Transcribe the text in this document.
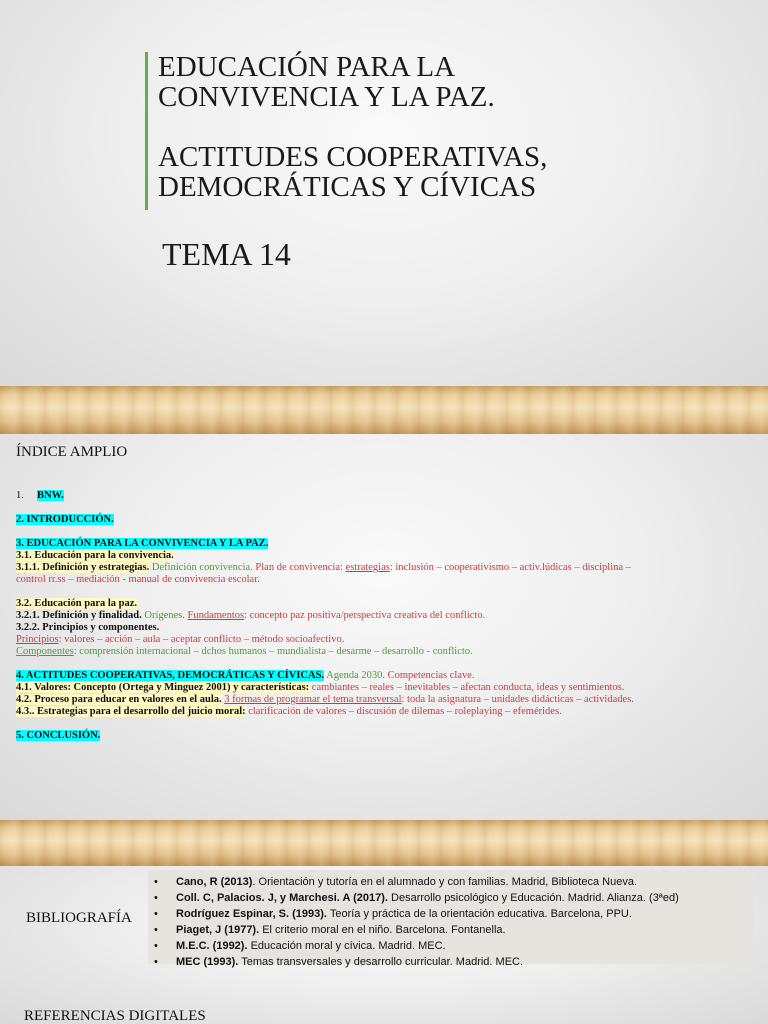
EDUCACIÓN PARA LA

CONVIVENCIA Y LA PAZ.

ACTITUDES COOPERATIVAS,

DEMOCRÁTICAS Y CÍVICAS

TEMA 14
ÍNDICE AMPLIO
1. BNW.
2. INTRODUCCIÓN.
3. EDUCACIÓN PARA LA CONVIVENCIA Y LA PAZ.
3.1. Educación para la convivencia.
3.1.1. Definición y estrategias. Definición convivencia. Plan de convivencia: estrategias: inclusión – cooperativismo – activ.lúdicas – disciplina –
control rr.ss – mediación - manual de convivencia escolar.
3.2. Educación para la paz.
3.2.1. Definición y finalidad. Orígenes. Fundamentos: concepto paz positiva/perspectiva creativa del conflicto.
3.2.2. Principios y componentes.
Principios: valores – acción – aula – aceptar conflicto – método socioafectivo.
Componentes: comprensión internacional – dchos humanos – mundialista – desarme – desarrollo - conflicto.
4. ACTITUDES COOPERATIVAS, DEMOCRÁTICAS Y CÍVICAS. Agenda 2030. Competencias clave.
4.1. Valores: Concepto (Ortega y Minguez 2001) y características: cambiantes – reales – inevitables – afectan conducta, ideas y sentimientos.
4.2. Proceso para educar en valores en el aula. 3 formas de programar el tema transversal: toda la asignatura – unidades didácticas – actividades.
4.3.. Estrategias para el desarrollo del juicio moral: clarificación de valores – discusión de dilemas – roleplaying – efemérides.
5. CONCLUSIÓN.
BIBLIOGRAFÍA
• Cano, R (2013). Orientación y tutoría en el alumnado y con familias. Madrid, Biblioteca Nueva.
• Coll. C, Palacios. J, y Marchesi. A (2017). Desarrollo psicológico y Educación. Madrid. Alianza. (3ªed)
• Rodríguez Espinar, S. (1993). Teoría y práctica de la orientación educativa. Barcelona, PPU.
• Piaget, J (1977). El criterio moral en el niño. Barcelona. Fontanella.
• M.E.C. (1992). Educación moral y cívica. Madrid. MEC.
• MEC (1993). Temas transversales y desarrollo curricular. Madrid. MEC.
REFERENCIAS DIGITALES
